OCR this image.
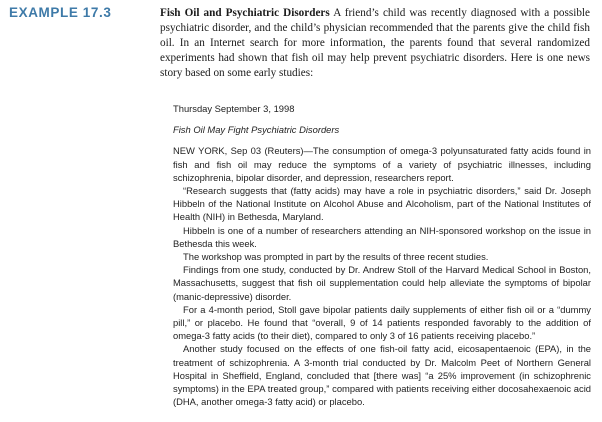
EXAMPLE 17.3	Fish Oil and Psychiatric Disorders A friend’s child was recently diagnosed with a possible psychiatric disorder, and the child’s physician recommended that the parents give the child fish oil. In an Internet search for more information, the parents found that several randomized experiments had shown that fish oil may help prevent psychiatric disorders. Here is one news story based on some early studies:

Thursday September 3, 1998

Fish Oil May Fight Psychiatric Disorders

NEW YORK, Sep 03 (Reuters)—The consumption of omega-3 polyunsaturated fatty acids found in fish and fish oil may reduce the symptoms of a variety of psychiatric illnesses, including schizophrenia, bipolar disorder, and depression, researchers report.

“Research suggests that (fatty acids) may have a role in psychiatric disorders,” said Dr. Joseph Hibbeln of the National Institute on Alcohol Abuse and Alcoholism, part of the National Institutes of Health (NIH) in Bethesda, Maryland.

Hibbeln is one of a number of researchers attending an NIH-sponsored workshop on the issue in Bethesda this week.

The workshop was prompted in part by the results of three recent studies.

Findings from one study, conducted by Dr. Andrew Stoll of the Harvard Medical School in Boston, Massachusetts, suggest that fish oil supplementation could help alleviate the symptoms of bipolar (manic-depressive) disorder.

For a 4-month period, Stoll gave bipolar patients daily supplements of either fish oil or a “dummy pill,” or placebo. He found that “overall, 9 of 14 patients responded favorably to the addition of omega-3 fatty acids (to their diet), compared to only 3 of 16 patients receiving placebo.”

Another study focused on the effects of one fish-oil fatty acid, eicosapentaenoic (EPA), in the treatment of schizophrenia. A 3-month trial conducted by Dr. Malcolm Peet of Northern General Hospital in Sheffield, England, concluded that [there was] “a 25% improvement (in schizophrenic symptoms) in the EPA treated group,” compared with patients receiving either docosahexaenoic acid (DHA, another omega-3 fatty acid) or placebo.
